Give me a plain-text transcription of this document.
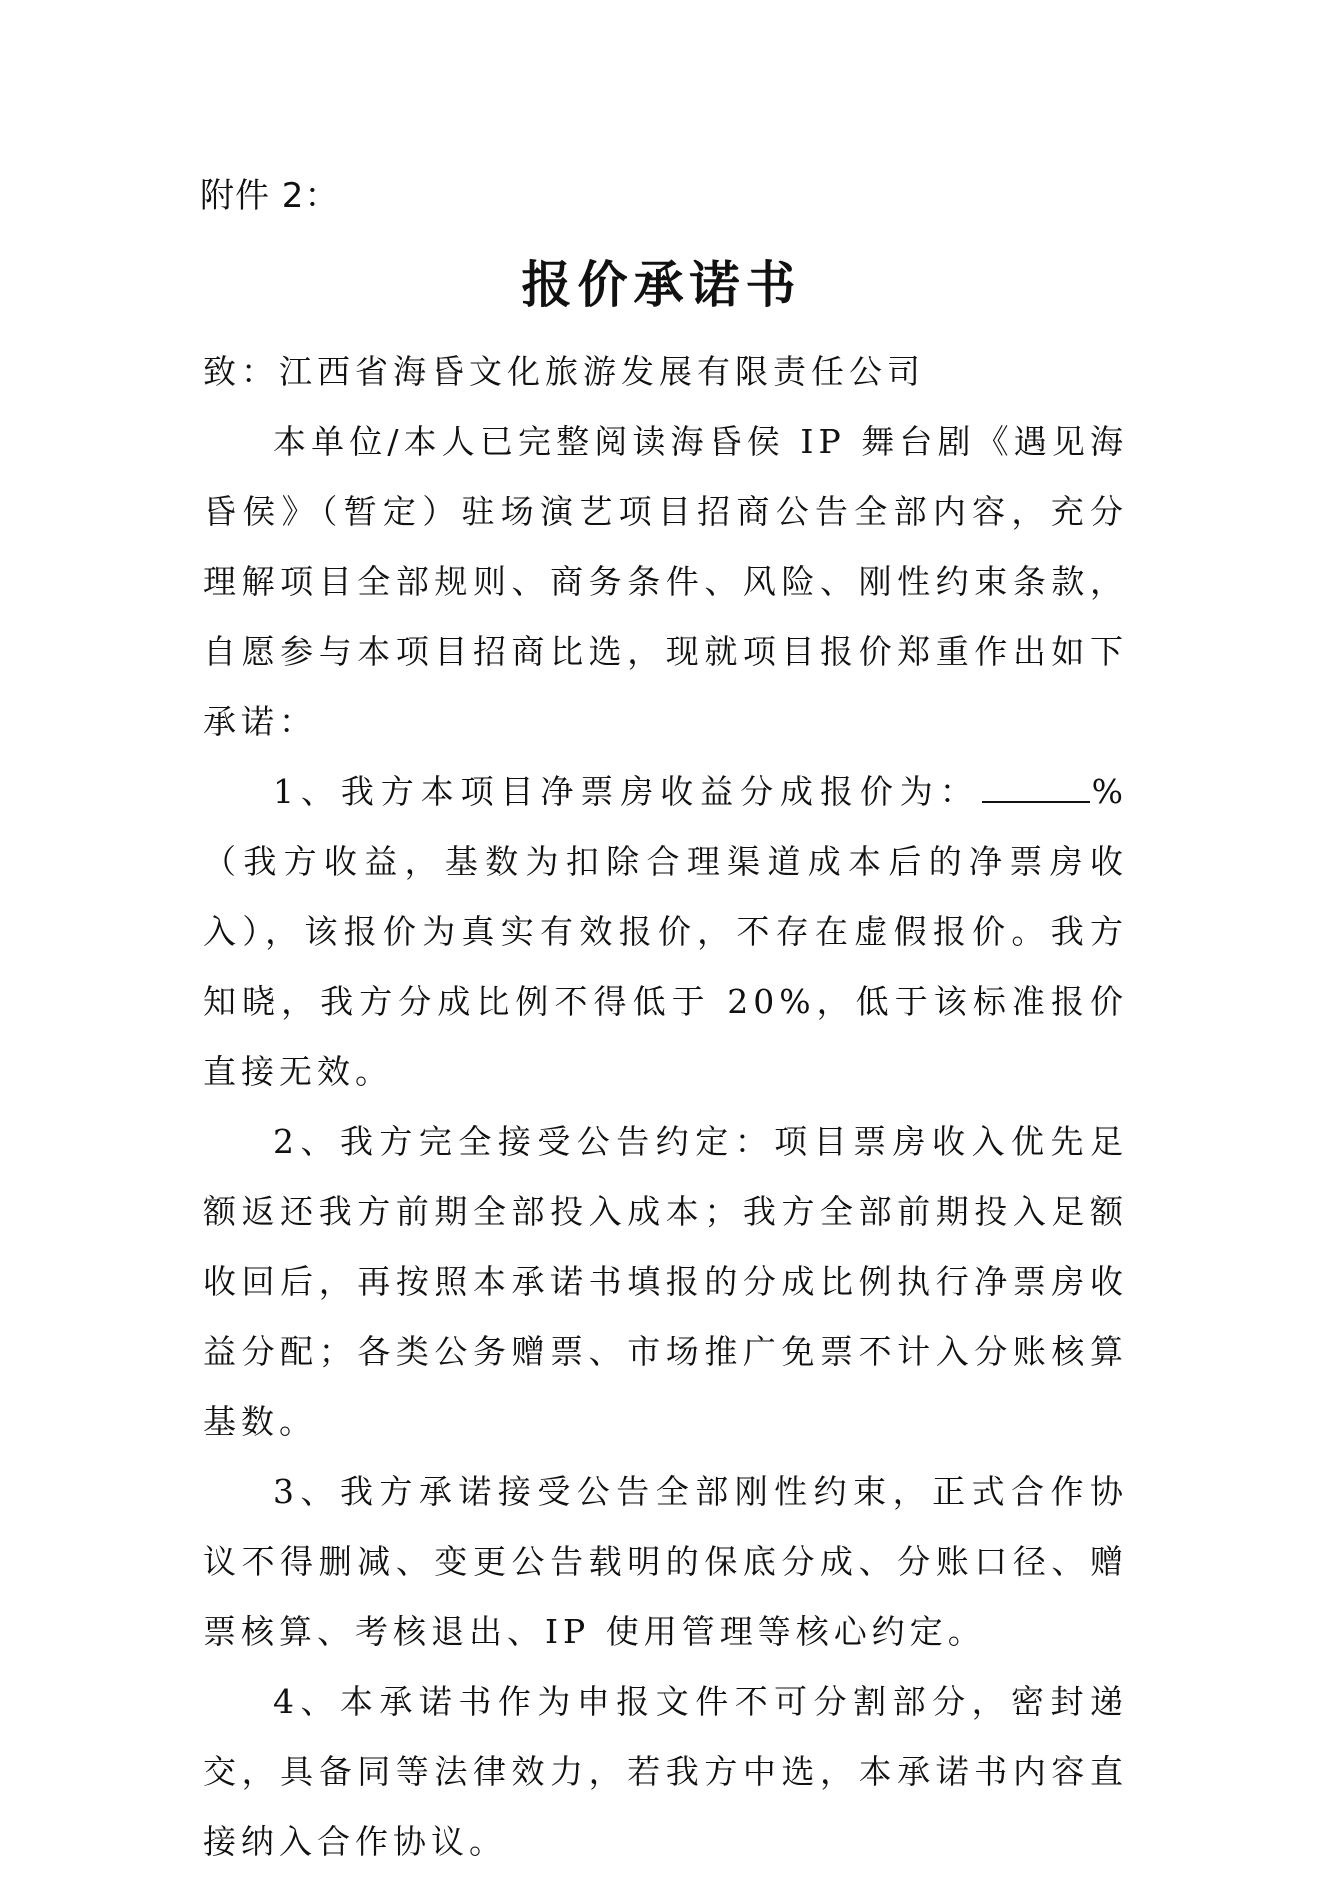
附件 2：
报价承诺书

致：江西省海昏文化旅游发展有限责任公司

本单位/本人已完整阅读海昏侯 IP 舞台剧《遇见海昏侯》（暂定）驻场演艺项目招商公告全部内容，充分理解项目全部规则、商务条件、风险、刚性约束条款，自愿参与本项目招商比选，现就项目报价郑重作出如下承诺：

1、我方本项目净票房收益分成报价为：	%（我方收益，基数为扣除合理渠道成本后的净票房收入），该报价为真实有效报价，不存在虚假报价。我方知晓，我方分成比例不得低于 20%，低于该标准报价直接无效。

2、我方完全接受公告约定：项目票房收入优先足额返还我方前期全部投入成本；我方全部前期投入足额收回后，再按照本承诺书填报的分成比例执行净票房收益分配；各类公务赠票、市场推广免票不计入分账核算基数。

3、我方承诺接受公告全部刚性约束，正式合作协议不得删减、变更公告载明的保底分成、分账口径、赠票核算、考核退出、IP 使用管理等核心约定。

4、本承诺书作为申报文件不可分割部分，密封递交，具备同等法律效力，若我方中选，本承诺书内容直接纳入合作协议。
